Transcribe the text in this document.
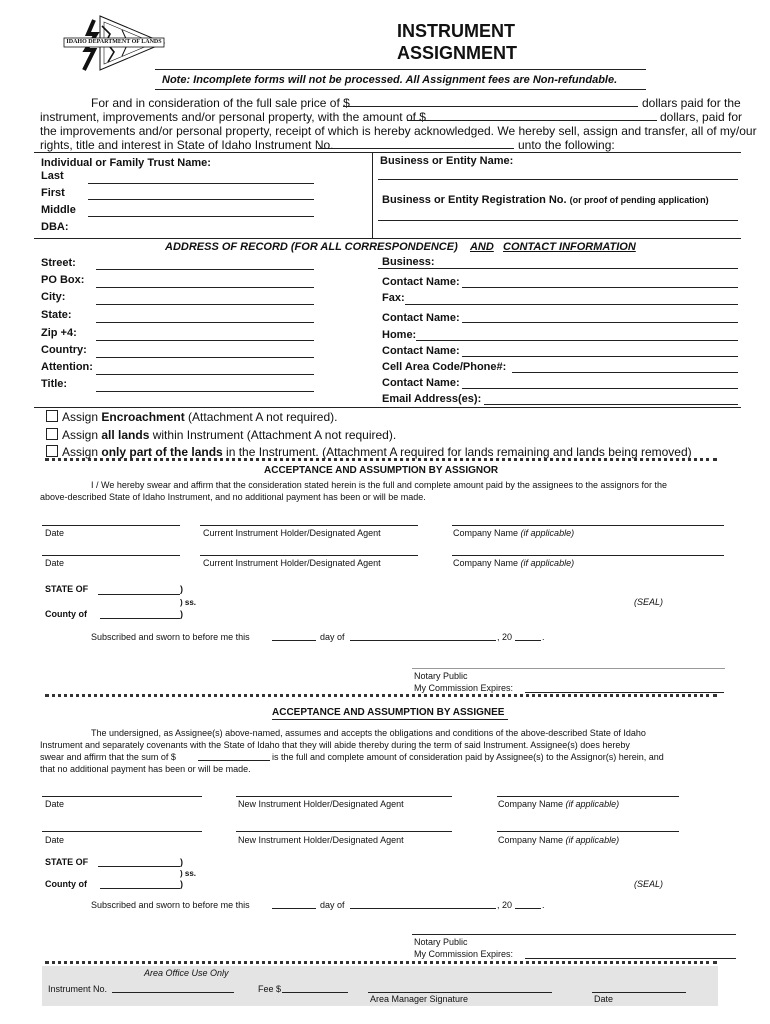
IDAHO DEPARTMENT OF LANDS
INSTRUMENT
ASSIGNMENT
Note: Incomplete forms will not be processed. All Assignment fees are Non-refundable.
For and in consideration of the full sale price of $	dollars paid for the
instrument, improvements and/or personal property, with the amount of $	dollars, paid for
the improvements and/or personal property, receipt of which is hereby acknowledged. We hereby sell, assign and transfer, all of my/our
rights, title and interest in State of Idaho Instrument No.	unto the following:
Individual or Family Trust Name:
Last
First
Middle
DBA:
Business or Entity Name:
Business or Entity Registration No. (or proof of pending application)
ADDRESS OF RECORD (FOR ALL CORRESPONDENCE) AND CONTACT INFORMATION
Street:
PO Box:
City:
State:
Zip +4:
Country:
Attention:
Title:
Business:
Contact Name:
Fax:
Contact Name:
Home:
Contact Name:
Cell Area Code/Phone#:
Contact Name:
Email Address(es):
Assign Encroachment (Attachment A not required).
Assign all lands within Instrument (Attachment A not required).
Assign only part of the lands in the Instrument. (Attachment A required for lands remaining and lands being removed)
ACCEPTANCE AND ASSUMPTION BY ASSIGNOR
I / We hereby swear and affirm that the consideration stated herein is the full and complete amount paid by the assignees to the assignors for the
above-described State of Idaho Instrument, and no additional payment has been or will be made.
Date	Current Instrument Holder/Designated Agent	Company Name (if applicable)
Date	Current Instrument Holder/Designated Agent	Company Name (if applicable)
STATE OF	)
) ss.
County of	)
(SEAL)
Subscribed and sworn to before me this	day of	, 20	.
Notary Public
My Commission Expires:
ACCEPTANCE AND ASSUMPTION BY ASSIGNEE
The undersigned, as Assignee(s) above-named, assumes and accepts the obligations and conditions of the above-described State of Idaho
Instrument and separately covenants with the State of Idaho that they will abide thereby during the term of said Instrument. Assignee(s) does hereby
swear and affirm that the sum of $	is the full and complete amount of consideration paid by Assignee(s) to the Assignor(s) herein, and
that no additional payment has been or will be made.
Date	New Instrument Holder/Designated Agent	Company Name (if applicable)
Date	New Instrument Holder/Designated Agent	Company Name (if applicable)
STATE OF	)
) ss.
County of	)	(SEAL)
Subscribed and sworn to before me this	day of	, 20	.
Notary Public
My Commission Expires:
Area Office Use Only
Instrument No.	Fee $
Area Manager Signature	Date
